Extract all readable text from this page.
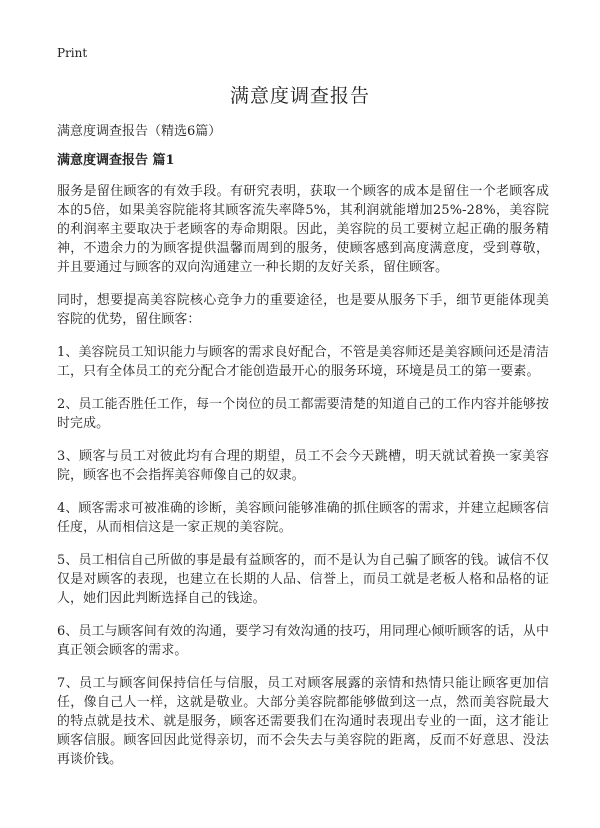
Print
满意度调查报告

满意度调查报告（精选6篇）

满意度调查报告 篇1

服务是留住顾客的有效手段。有研究表明，获取一个顾客的成本是留住一个老顾客成本的5倍，如果美容院能将其顾客流失率降5%，其利润就能增加25%-28%，美容院的利润率主要取决于老顾客的寿命期限。因此，美容院的员工要树立起正确的服务精神，不遗余力的为顾客提供温馨而周到的服务，使顾客感到高度满意度，受到尊敬，并且要通过与顾客的双向沟通建立一种长期的友好关系，留住顾客。

同时，想要提高美容院核心竞争力的重要途径，也是要从服务下手，细节更能体现美容院的优势，留住顾客：

1、美容院员工知识能力与顾客的需求良好配合，不管是美容师还是美容顾问还是清洁工，只有全体员工的充分配合才能创造最开心的服务环境，环境是员工的第一要素。

2、员工能否胜任工作，每一个岗位的员工都需要清楚的知道自己的工作内容并能够按时完成。

3、顾客与员工对彼此均有合理的期望，员工不会今天跳槽，明天就试着换一家美容院，顾客也不会指挥美容师像自己的奴隶。

4、顾客需求可被准确的诊断，美容顾问能够准确的抓住顾客的需求，并建立起顾客信任度，从而相信这是一家正规的美容院。

5、员工相信自己所做的事是最有益顾客的，而不是认为自己骗了顾客的钱。诚信不仅仅是对顾客的表现，也建立在长期的人品、信誉上，而员工就是老板人格和品格的证人，她们因此判断选择自己的钱途。

6、员工与顾客间有效的沟通，要学习有效沟通的技巧，用同理心倾听顾客的话，从中真正领会顾客的需求。

7、员工与顾客间保持信任与信服，员工对顾客展露的亲情和热情只能让顾客更加信任，像自己人一样，这就是敬业。大部分美容院都能够做到这一点，然而美容院最大的特点就是技术、就是服务，顾客还需要我们在沟通时表现出专业的一面，这才能让顾客信服。顾客回因此觉得亲切，而不会失去与美容院的距离，反而不好意思、没法再谈价钱。
